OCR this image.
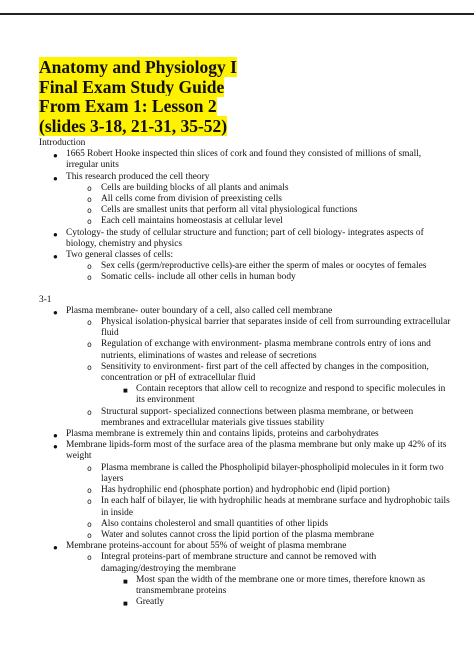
Anatomy and Physiology I
Final Exam Study Guide
From Exam 1: Lesson 2
(slides 3-18, 21-31, 35-52)
Introduction
● 1665 Robert Hooke inspected thin slices of cork and found they consisted of millions of small, irregular units
● This research produced the cell theory
o Cells are building blocks of all plants and animals
o All cells come from division of preexisting cells
o Cells are smallest units that perform all vital physiological functions
o Each cell maintains homeostasis at cellular level
● Cytology- the study of cellular structure and function; part of cell biology- integrates aspects of biology, chemistry and physics
● Two general classes of cells:
o Sex cells (germ/reproductive cells)-are either the sperm of males or oocytes of females
o Somatic cells- include all other cells in human body
3-1
● Plasma membrane- outer boundary of a cell, also called cell membrane
o Physical isolation-physical barrier that separates inside of cell from surrounding extracellular fluid
o Regulation of exchange with environment- plasma membrane controls entry of ions and nutrients, eliminations of wastes and release of secretions
o Sensitivity to environment- first part of the cell affected by changes in the composition, concentration or pH of extracellular fluid
■ Contain receptors that allow cell to recognize and respond to specific molecules in its environment
o Structural support- specialized connections between plasma membrane, or between membranes and extracellular materials give tissues stability
● Plasma membrane is extremely thin and contains lipids, proteins and carbohydrates
● Membrane lipids-form most of the surface area of the plasma membrane but only make up 42% of its weight
o Plasma membrane is called the Phospholipid bilayer-phospholipid molecules in it form two layers
o Has hydrophilic end (phosphate portion) and hydrophobic end (lipid portion)
o In each half of bilayer, lie with hydrophilic heads at membrane surface and hydrophobic tails in inside
o Also contains cholesterol and small quantities of other lipids
o Water and solutes cannot cross the lipid portion of the plasma membrane
● Membrane proteins-account for about 55% of weight of plasma membrane
o Integral proteins-part of membrane structure and cannot be removed with damaging/destroying the membrane
■ Most span the width of the membrane one or more times, therefore known as transmembrane proteins
■ Greatly
